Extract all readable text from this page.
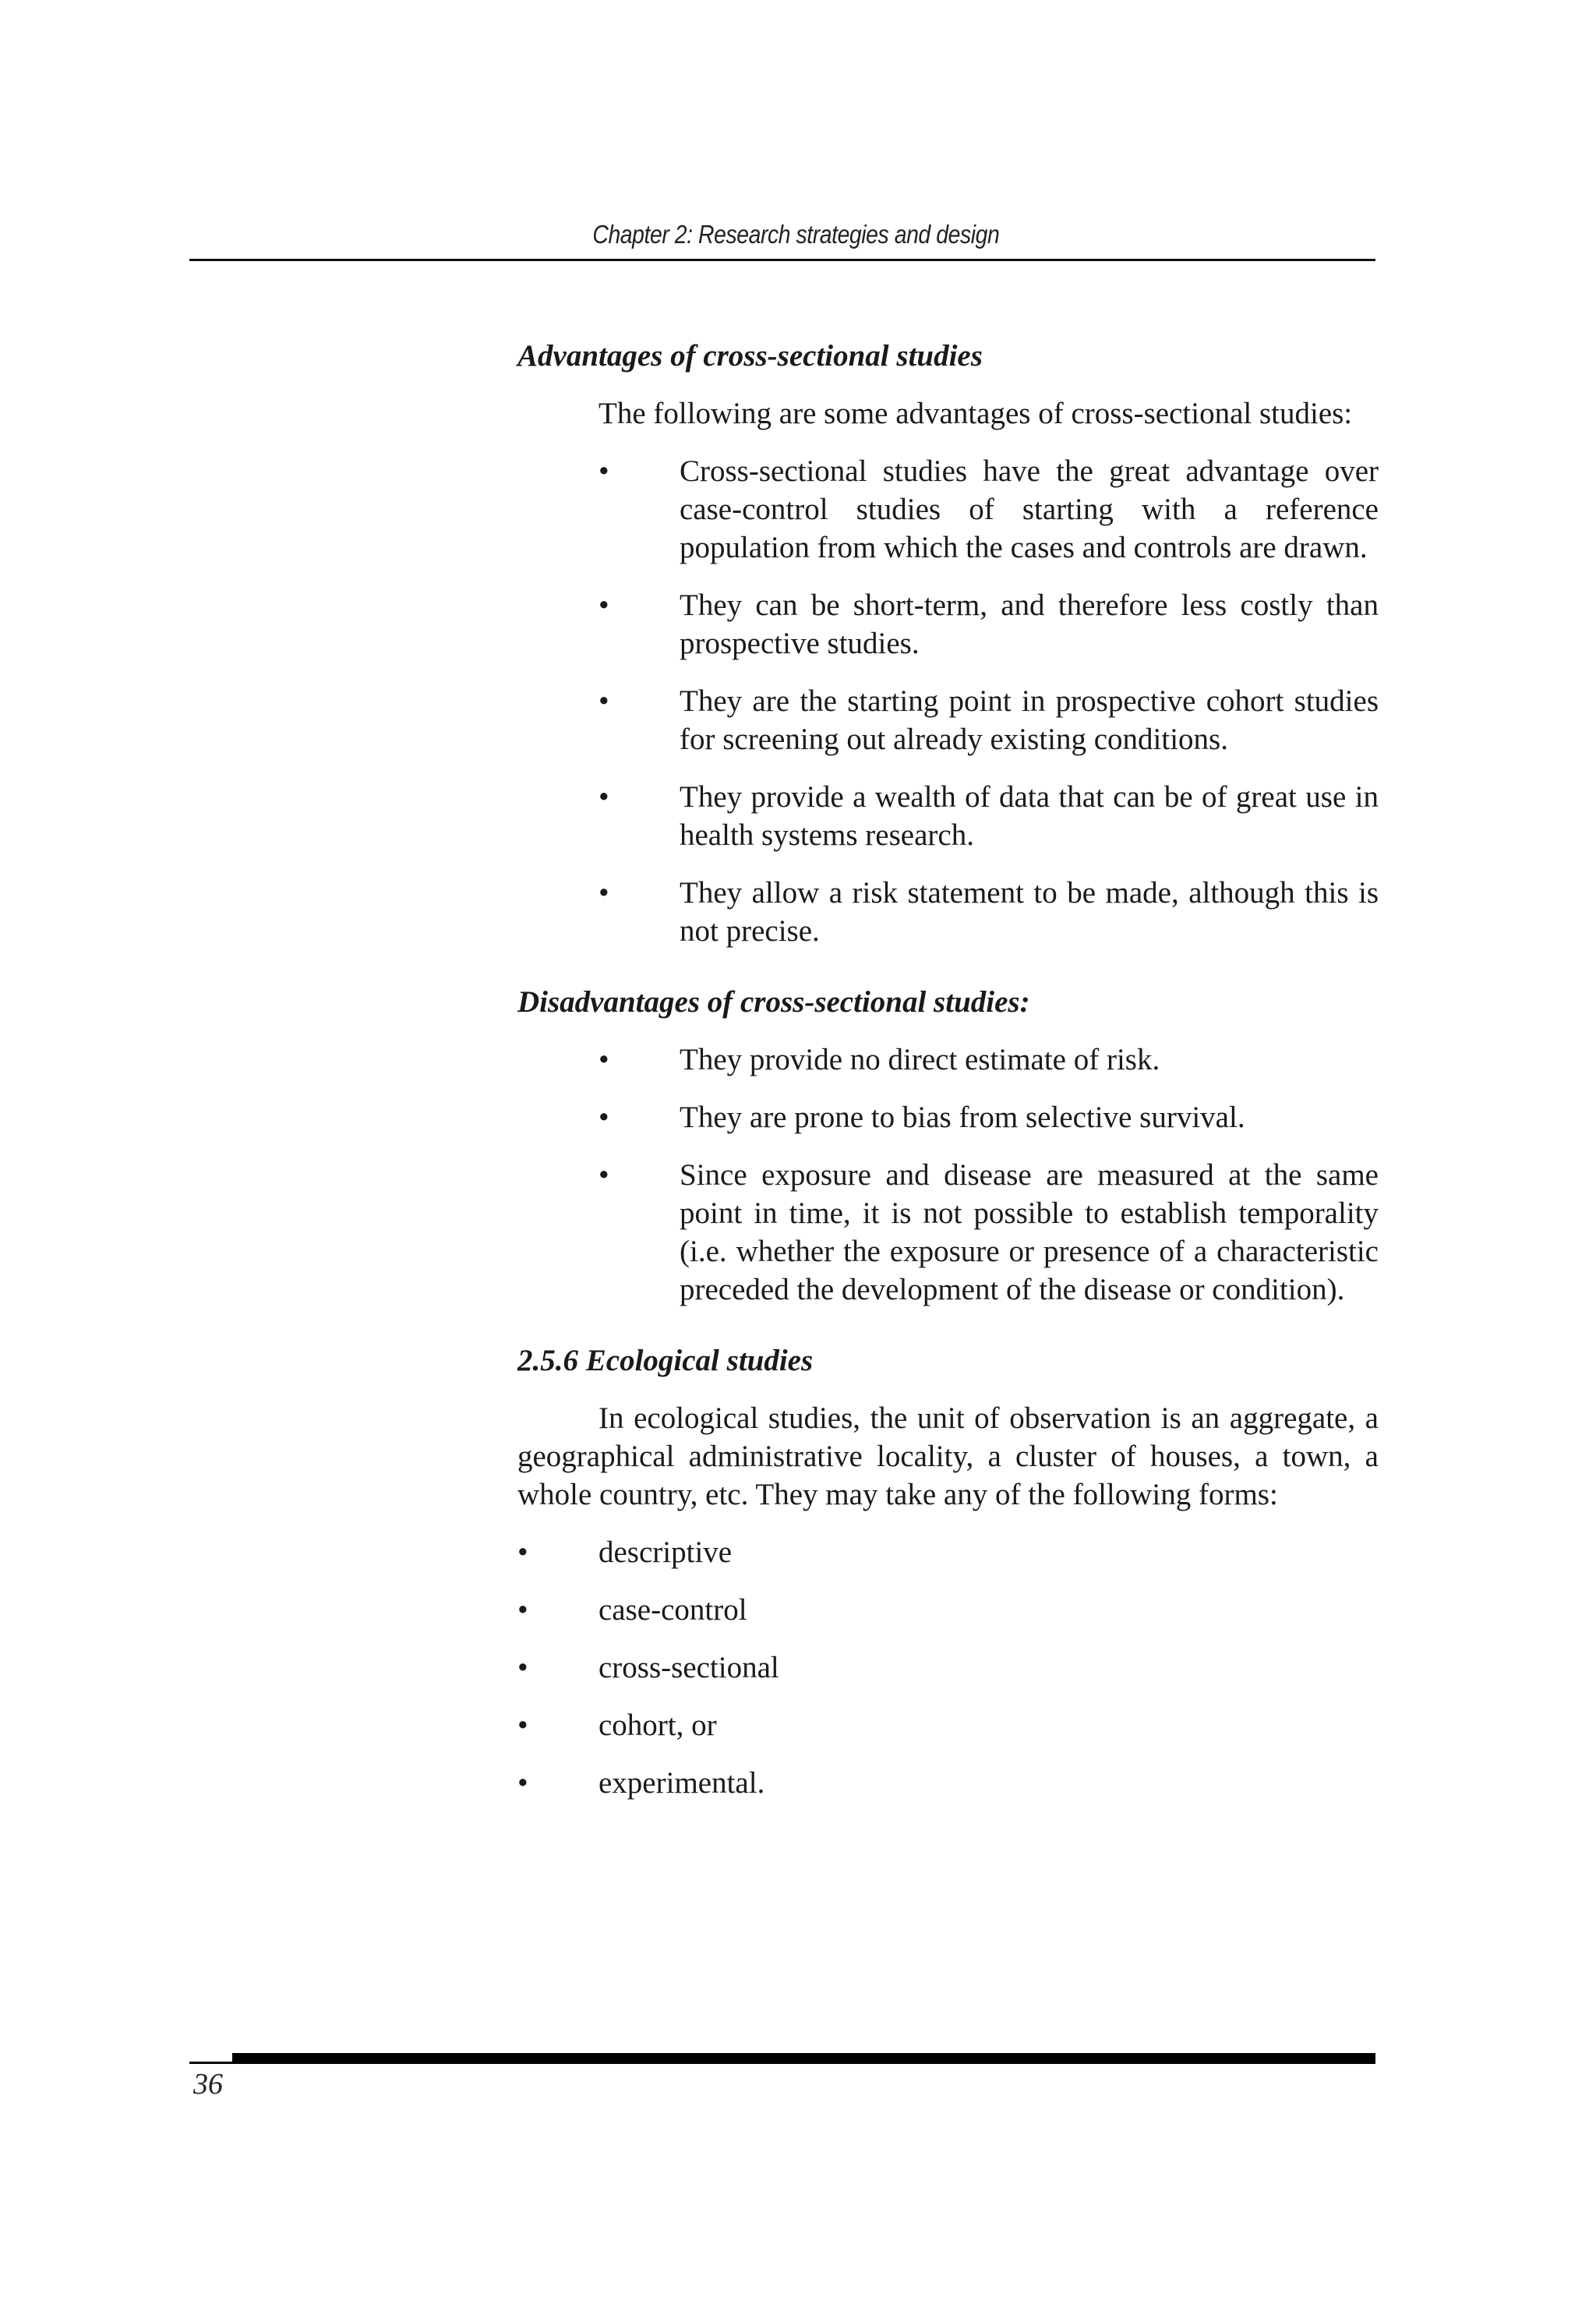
Chapter 2: Research strategies and design
Advantages of cross-sectional studies

The following are some advantages of cross-sectional studies:

• Cross-sectional studies have the great advantage over case-control studies of starting with a reference population from which the cases and controls are drawn.
• They can be short-term, and therefore less costly than prospective studies.
• They are the starting point in prospective cohort studies for screening out already existing conditions.
• They provide a wealth of data that can be of great use in health systems research.
• They allow a risk statement to be made, although this is not precise.
Disadvantages of cross-sectional studies:
• They provide no direct estimate of risk.
• They are prone to bias from selective survival.
• Since exposure and disease are measured at the same point in time, it is not possible to establish temporality (i.e. whether the exposure or presence of a characteristic preceded the development of the disease or condition).
2.5.6 Ecological studies

In ecological studies, the unit of observation is an aggregate, a geographical administrative locality, a cluster of houses, a town, a whole country, etc. They may take any of the following forms:

• descriptive
• case-control
• cross-sectional
• cohort, or
• experimental.
36
